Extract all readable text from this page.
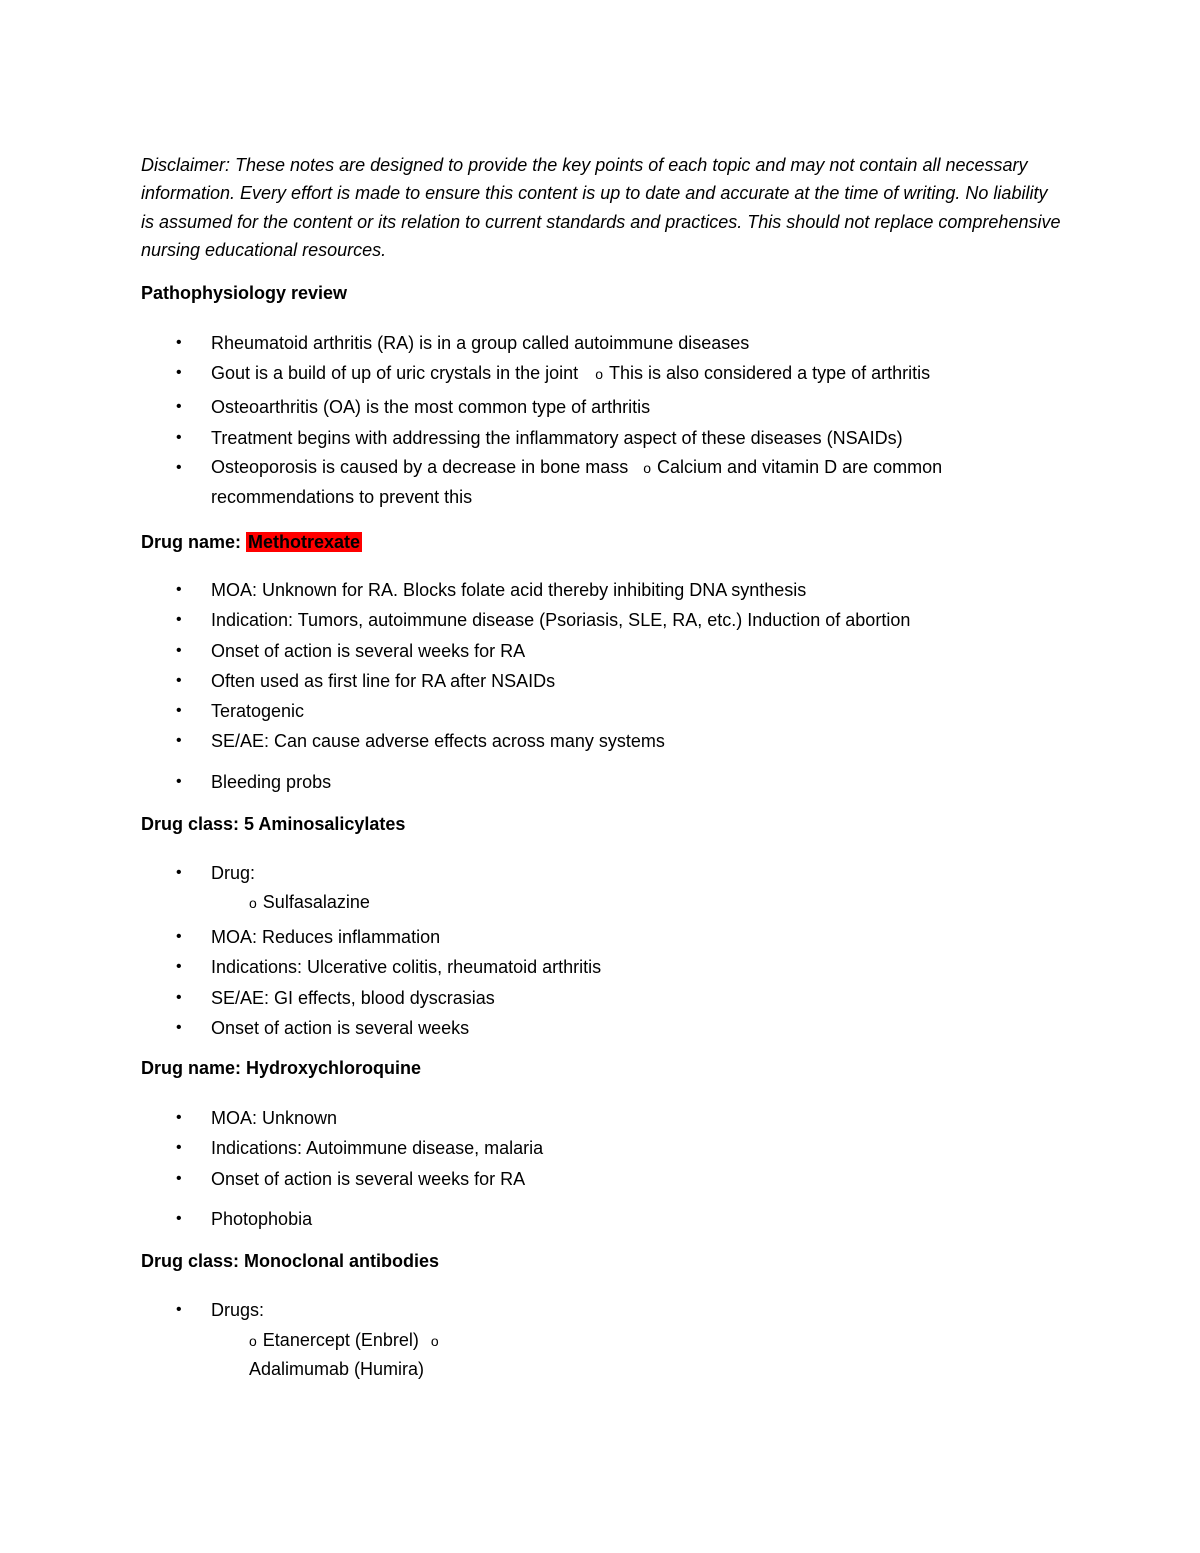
Disclaimer: These notes are designed to provide the key points of each topic and may not contain all necessary information. Every effort is made to ensure this content is up to date and accurate at the time of writing. No liability is assumed for the content or its relation to current standards and practices. This should not replace comprehensive nursing educational resources.

Pathophysiology review

• Rheumatoid arthritis (RA) is in a group called autoimmune diseases

• Gout is a build of up of uric crystals in the joint o This is also considered a type of arthritis

• Osteoarthritis (OA) is the most common type of arthritis

• Treatment begins with addressing the inflammatory aspect of these diseases (NSAIDs)

• Osteoporosis is caused by a decrease in bone mass o Calcium and vitamin D are common recommendations to prevent this

Drug name: Methotrexate

• MOA: Unknown for RA. Blocks folate acid thereby inhibiting DNA synthesis

• Indication: Tumors, autoimmune disease (Psoriasis, SLE, RA, etc.) Induction of abortion

• Onset of action is several weeks for RA

• Often used as first line for RA after NSAIDs

• Teratogenic

• SE/AE: Can cause adverse effects across many systems

• Bleeding probs

Drug class: 5 Aminosalicylates

• Drug:

o Sulfasalazine

• MOA: Reduces inflammation

• Indications: Ulcerative colitis, rheumatoid arthritis

• SE/AE: GI effects, blood dyscrasias

• Onset of action is several weeks

Drug name: Hydroxychloroquine

• MOA: Unknown

• Indications: Autoimmune disease, malaria

• Onset of action is several weeks for RA

• Photophobia

Drug class: Monoclonal antibodies

• Drugs:

o Etanercept (Enbrel) o

Adalimumab (Humira)
